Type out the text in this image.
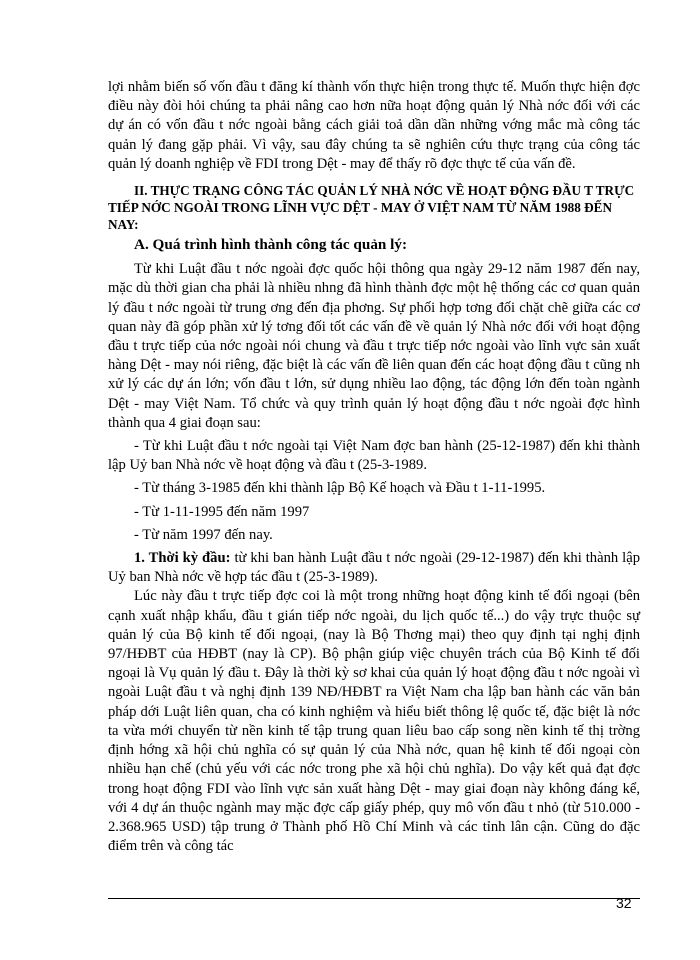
lợi nhằm biến số vốn đầu t đăng kí thành vốn thực hiện trong thực tế. Muốn thực hiện đợc điều này đòi hỏi chúng ta phải nâng cao hơn nữa hoạt động quản lý Nhà nớc đối với các dự án có vốn đầu t nớc ngoài bằng cách giải toả dần dần những vớng mắc mà công tác quản lý đang gặp phải. Vì vậy, sau đây chúng ta sẽ nghiên cứu thực trạng của công tác quản lý doanh nghiệp về FDI trong Dệt - may để thấy rõ đợc thực tế của vấn đề.

II. THỰC TRẠNG CÔNG TÁC QUẢN LÝ NHÀ NỚC VỀ HOẠT ĐỘNG ĐẦU T TRỰC TIẾP NỚC NGOÀI TRONG LĨNH VỰC DỆT - MAY Ở VIỆT NAM TỪ NĂM 1988 ĐẾN NAY:

A. Quá trình hình thành công tác quản lý:

Từ khi Luật đầu t nớc ngoài đợc quốc hội thông qua ngày 29-12 năm 1987 đến nay, mặc dù thời gian cha phải là nhiều nhng đã hình thành đợc một hệ thống các cơ quan quản lý đầu t nớc ngoài từ trung ơng đến địa phơng. Sự phối hợp tơng đối chặt chẽ giữa các cơ quan này đã góp phần xử lý tơng đối tốt các vấn đề về quản lý Nhà nớc đối với hoạt động đầu t trực tiếp của nớc ngoài nói chung và đầu t trực tiếp nớc ngoài vào lĩnh vực sản xuất hàng Dệt - may nói riêng, đặc biệt là các vấn đề liên quan đến các hoạt động đầu t cũng nh xử lý các dự án lớn; vốn đầu t lớn, sử dụng nhiều lao động, tác động lớn đến toàn ngành Dệt - may Việt Nam. Tổ chức và quy trình quản lý hoạt động đầu t nớc ngoài đợc hình thành qua 4 giai đoạn sau:

- Từ khi Luật đầu t nớc ngoài tại Việt Nam đợc ban hành (25-12-1987) đến khi thành lập Uỷ ban Nhà nớc về hoạt động và đầu t (25-3-1989.

- Từ tháng 3-1985 đến khi thành lập Bộ Kế hoạch và Đầu t 1-11-1995.

- Từ 1-11-1995 đến năm 1997

- Từ năm 1997 đến nay.

1. Thời kỳ đầu: từ khi ban hành Luật đầu t nớc ngoài (29-12-1987) đến khi thành lập Uỷ ban Nhà nớc về hợp tác đầu t (25-3-1989).

Lúc này đầu t trực tiếp đợc coi là một trong những hoạt động kinh tế đối ngoại (bên cạnh xuất nhập khẩu, đầu t gián tiếp nớc ngoài, du lịch quốc tế...) do vậy trực thuộc sự quản lý của Bộ kinh tế đối ngoại, (nay là Bộ Thơng mại) theo quy định tại nghị định 97/HĐBT của HĐBT (nay là CP). Bộ phận giúp việc chuyên trách của Bộ Kinh tế đối ngoại là Vụ quản lý đầu t. Đây là thời kỳ sơ khai của quản lý hoạt động đầu t nớc ngoài vì ngoài Luật đầu t và nghị định 139 NĐ/HĐBT ra Việt Nam cha lập ban hành các văn bản pháp dới Luật liên quan, cha có kinh nghiệm và hiểu biết thông lệ quốc tế, đặc biệt là nớc ta vừa mới chuyển từ nền kinh tế tập trung quan liêu bao cấp song nền kinh tế thị trờng định hớng xã hội chủ nghĩa có sự quản lý của Nhà nớc, quan hệ kinh tế đối ngoại còn nhiều hạn chế (chủ yếu với các nớc trong phe xã hội chủ nghĩa). Do vậy kết quả đạt đợc trong hoạt động FDI vào lĩnh vực sản xuất hàng Dệt - may giai đoạn này không đáng kể, với 4 dự án thuộc ngành may mặc đợc cấp giấy phép, quy mô vốn đầu t nhỏ (từ 510.000 - 2.368.965 USD) tập trung ở Thành phố Hồ Chí Minh và các tỉnh lân cận. Cũng do đặc điểm trên và công tác

32
